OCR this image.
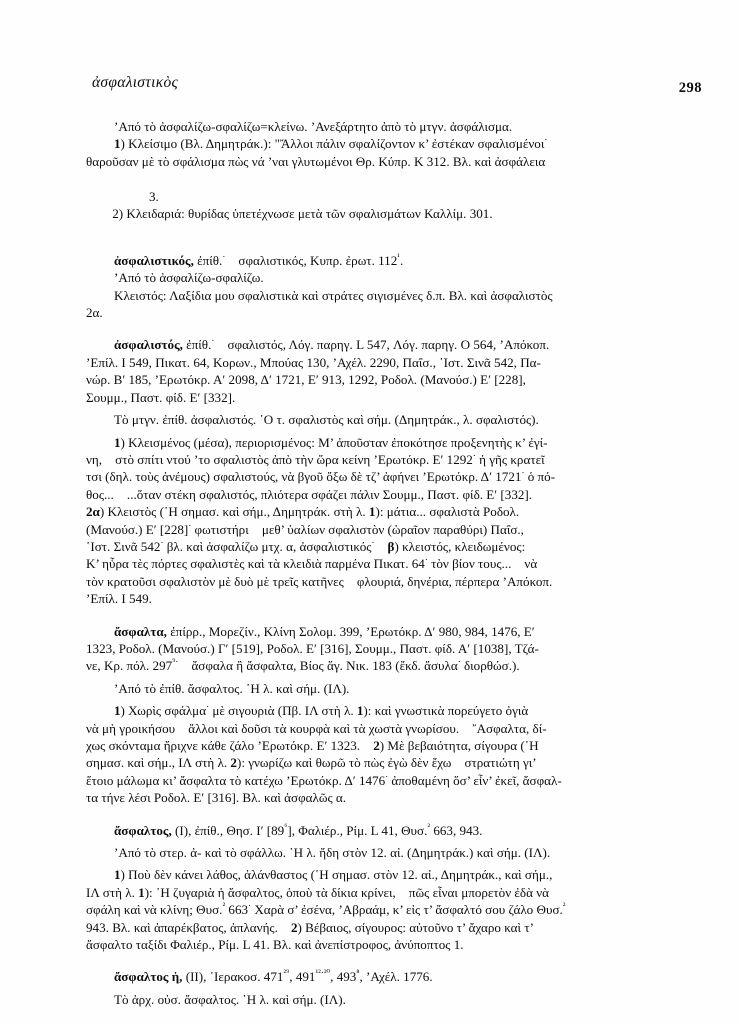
ἀσφαλιστικὸς	298

’Από τὸ ἀσφαλίζω-σφαλίζω=κλείνω. ’Ανεξάρτητο ἀπὸ τὸ μτγν. ἀσφάλισμα.

1) Κλείσιμο (Βλ. Δημητράκ.): "Ἄλλοι πάλιν σφαλίζοντον κ’ ἐστέκαν σφαλισμένοι·

θαροῦσαν μὲ τὸ σφάλισμα πὼς νά ’ναι γλυτωμένοι Θρ. Κύπρ. Κ 312. Βλ. καὶ ἀσφάλεια

3.

2) Κλειδαριά: θυρίδας ὑπετέχνωσε μετὰ τῶν σφαλισμάτων Καλλίμ. 301.

ἀσφαλιστικός, ἐπίθ.·    σφαλιστικός, Κυπρ. ἐρωτ. $112^{^1}$.

’Από τὸ ἀσφαλίζω-σφαλίζω.

Κλειστός: Λαξίδια μου σφαλιστικὰ καὶ στράτες σιγισμένες δ.π. Βλ. καὶ ἀσφαλιστὸς

2α.

ἀσφαλιστός, ἐπίθ.·    σφαλιστός, Λόγ. παρηγ. L 547, Λόγ. παρηγ. Ο 564, ’Απόκοπ.

’Επίλ. Ι 549, Πικατ. 64, Κορων., Μπούας 130, ’Αχέλ. 2290, Παΐσ., ῾Ιστ. Σινᾶ 542, Πα-

νώρ. Β′ 185, ’Ερωτόκρ. Α′ 2098, Δ′ 1721, Ε′ 913, 1292, Ροδολ. (Μανούσ.) Ε′ [228],

Σουμμ., Παστ. φίδ. Ε′ [332].

Τὸ μτγν. ἐπίθ. ἀσφαλιστός. ῾Ο τ. σφαλιστὸς καὶ σήμ. (Δημητράκ., λ. σφαλιστός).

1) Κλεισμένος (μέσα), περιορισμένος: Μ’ ἀποῦσταν ἐποκότησε προξενητὴς κ’ ἐγί-

νη,    στὸ σπίτι ντού ’το σφαλιστὸς ἀπὸ τὴν ὥρα κείνη ’Ερωτόκρ. Ε′ 1292· ἡ γῆς κρατεῖ

τσι (δηλ. τοὺς ἀνέμους) σφαλιστούς, νὰ βγοῦ ὄξω δὲ τζ’ ἀφήνει ’Ερωτόκρ. Δ′ 1721· ὁ πό-

θος...    ...ὅταν στέκη σφαλιστός, πλιότερα σφάζει πάλιν Σουμμ., Παστ. φίδ. Ε′ [332].

2α) Κλειστὸς (῾Η σημασ. καὶ σήμ., Δημητράκ. στὴ λ. 1): μάτια... σφαλιστὰ Ροδολ.

(Μανούσ.) Ε′ [228]· φωτιστήρι    μεθ’ ὑαλίων σφαλιστὸν (ὡραῖον παραθύρι) Παΐσ.,

῾Ιστ. Σινᾶ 542· βλ. καὶ ἀσφαλίζω μτχ. α, ἀσφαλιστικός· β) κλειστός, κλειδωμένος:

Κ’ ηὗρα τὲς πόρτες σφαλιστὲς καὶ τὰ κλειδιὰ παρμένα Πικατ. 64· τὸν βίον τους...    νὰ

τὸν κρατοῦσι σφαλιστὸν μὲ δυὸ μὲ τρεῖς κατῆνες    φλουριά, δηνέρια, πέρπερα ’Απόκοπ.

’Επίλ. Ι 549.

ἄσφαλτα, ἐπίρρ., Μορεζίν., Κλίνη Σολομ. 399, ’Ερωτόκρ. Δ′ 980, 984, 1476, Ε′

1323, Ροδολ. (Μανούσ.) Γ′ [519], Ροδολ. Ε′ [316], Σουμμ., Παστ. φίδ. Α′ [1038], Τζά-

νε, Κρ. πόλ. $297^{^9\cdot}$    ἄσφαλα ἢ ἄσφαλτα, Βίος ἅγ. Νικ. 183 (ἔκδ. ἄσυλα· διορθώσ.).

’Από τὸ ἐπίθ. ἄσφαλτος. ῾Η λ. καὶ σήμ. (ΙΛ).

1) Χωρὶς σφάλμα· μὲ σιγουριὰ (Πβ. ΙΛ στὴ λ. 1): καὶ γνωστικὰ πορεύγετο ὀγιὰ

νὰ μὴ γροικήσου    ἄλλοι καὶ δοῦσι τὰ κουρφὰ καὶ τὰ χωστὰ γνωρίσου.    ῎Ασφαλτα, δί-

χως σκόνταμα ἤριχνε κάθε ζάλο ’Ερωτόκρ. Ε′ 1323.    2) Μὲ βεβαιότητα, σίγουρα (῾Η

σημασ. καὶ σήμ., ΙΛ στὴ λ. 2): γνωρίζω καὶ θωρῶ τὸ πὼς ἐγὼ δὲν ἔχω    στρατιώτη γι’

ἕτοιο μάλωμα κι’ ἄσφαλτα τὸ κατέχω ’Ερωτόκρ. Δ′ 1476· ἀποθαμένη ὅσ’ εἶν’ ἐκεῖ, ἄσφαλ-

τα τήνε λέσι Ροδολ. Ε′ [316]. Βλ. καὶ ἀσφαλῶς α.

ἄσφαλτος, (Ι), ἐπίθ., Θησ. Ι′ $[89^{^6}]$, Φαλιέρ., Ρίμ. L 41, Θυσ.$^{^2}$ 663, 943.

’Από τὸ στερ. ἀ- καὶ τὸ σφάλλω. ῾Η λ. ἤδη στὸν 12. αἰ. (Δημητράκ.) καὶ σήμ. (ΙΛ).

1) Ποὺ δὲν κάνει λάθος, ἀλάνθαστος (῾Η σημασ. στὸν 12. αἰ., Δημητράκ., καὶ σήμ.,

ΙΛ στὴ λ. 1): ῾Η ζυγαριὰ ἡ ἄσφαλτος, ὁποὺ τὰ δίκια κρίνει,    πῶς εἶναι μπορετὸν ἐδὰ νὰ

σφάλη καὶ νὰ κλίνη; Θυσ.$^{^2}$ 663· Χαρὰ σ’ ἐσένα, ’Αβραάμ, κ’ εἰς τ’ ἄσφαλτό σου ζάλο Θυσ.$^{^2}$

943. Βλ. καὶ ἀπαρέκβατος, ἀπλανής.    2) Βέβαιος, σίγουρος: αὐτοῦνο τ’ ἄχαρο καὶ τ’

ἄσφαλτο ταξίδι Φαλιέρ., Ρίμ. L 41. Βλ. καὶ ἀνεπίστροφος, ἀνύποπτος 1.

ἄσφαλτος ἡ, (ΙΙ), ῾Ιερακοσ. $471^{^{29}}$, $491^{^{12}\cdot^{20}}$, $493^{^8}$, ’Αχέλ. 1776.

Τὸ ἀρχ. οὐσ. ἄσφαλτος. ῾Η λ. καὶ σήμ. (ΙΛ).
